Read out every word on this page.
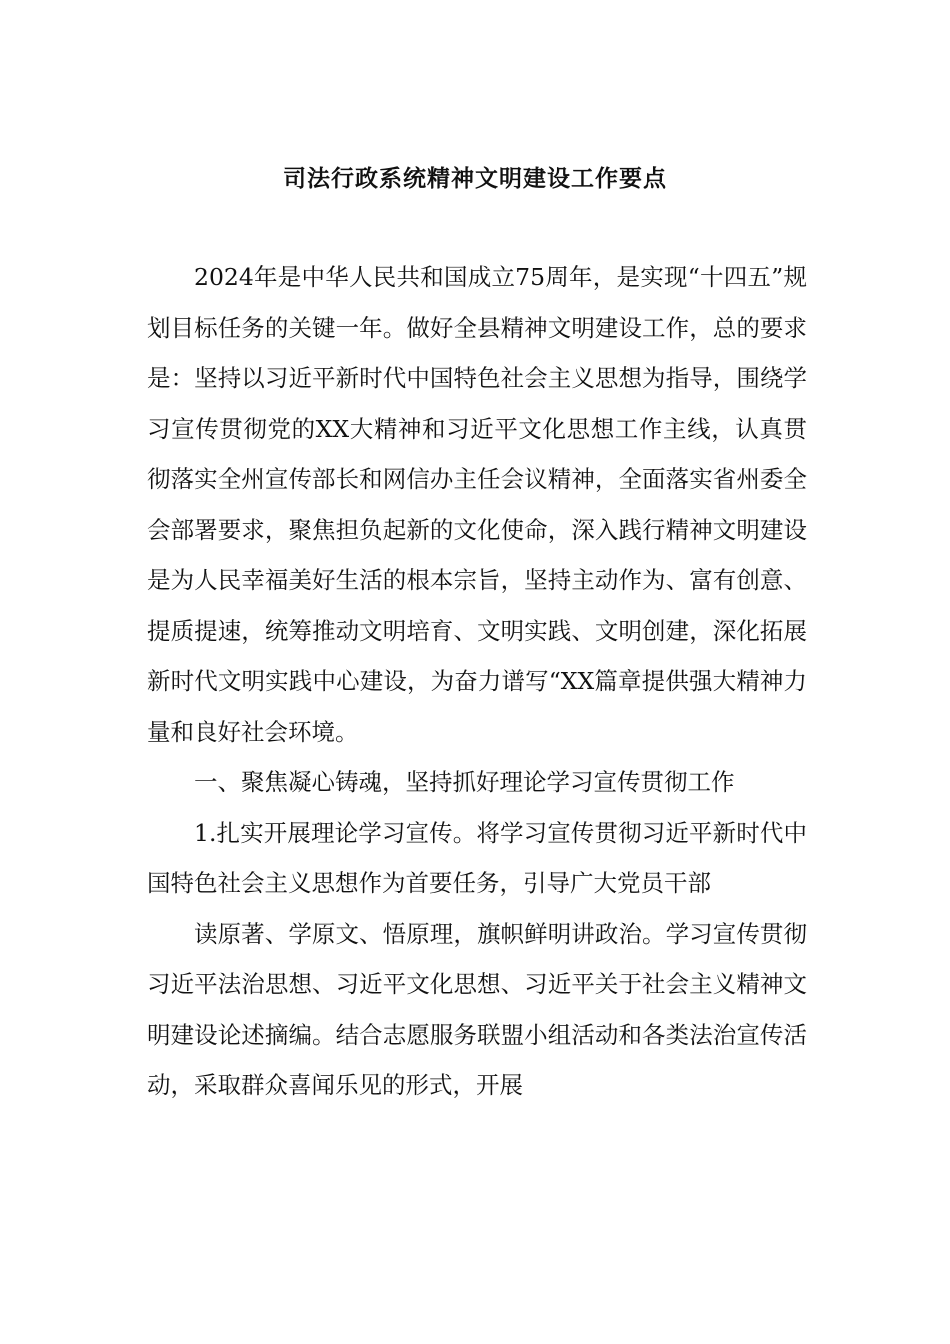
司法行政系统精神文明建设工作要点

2024年是中华人民共和国成立75周年，是实现“十四五”规划目标任务的关键一年。做好全县精神文明建设工作，总的要求是：坚持以习近平新时代中国特色社会主义思想为指导，围绕学习宣传贯彻党的XX大精神和习近平文化思想工作主线，认真贯彻落实全州宣传部长和网信办主任会议精神，全面落实省州委全会部署要求，聚焦担负起新的文化使命，深入践行精神文明建设是为人民幸福美好生活的根本宗旨，坚持主动作为、富有创意、提质提速，统筹推动文明培育、文明实践、文明创建，深化拓展新时代文明实践中心建设，为奋力谱写“XX篇章提供强大精神力量和良好社会环境。

一、聚焦凝心铸魂，坚持抓好理论学习宣传贯彻工作

1.扎实开展理论学习宣传。将学习宣传贯彻习近平新时代中国特色社会主义思想作为首要任务，引导广大党员干部

读原著、学原文、悟原理，旗帜鲜明讲政治。学习宣传贯彻习近平法治思想、习近平文化思想、习近平关于社会主义精神文明建设论述摘编。结合志愿服务联盟小组活动和各类法治宣传活动，采取群众喜闻乐见的形式，开展
